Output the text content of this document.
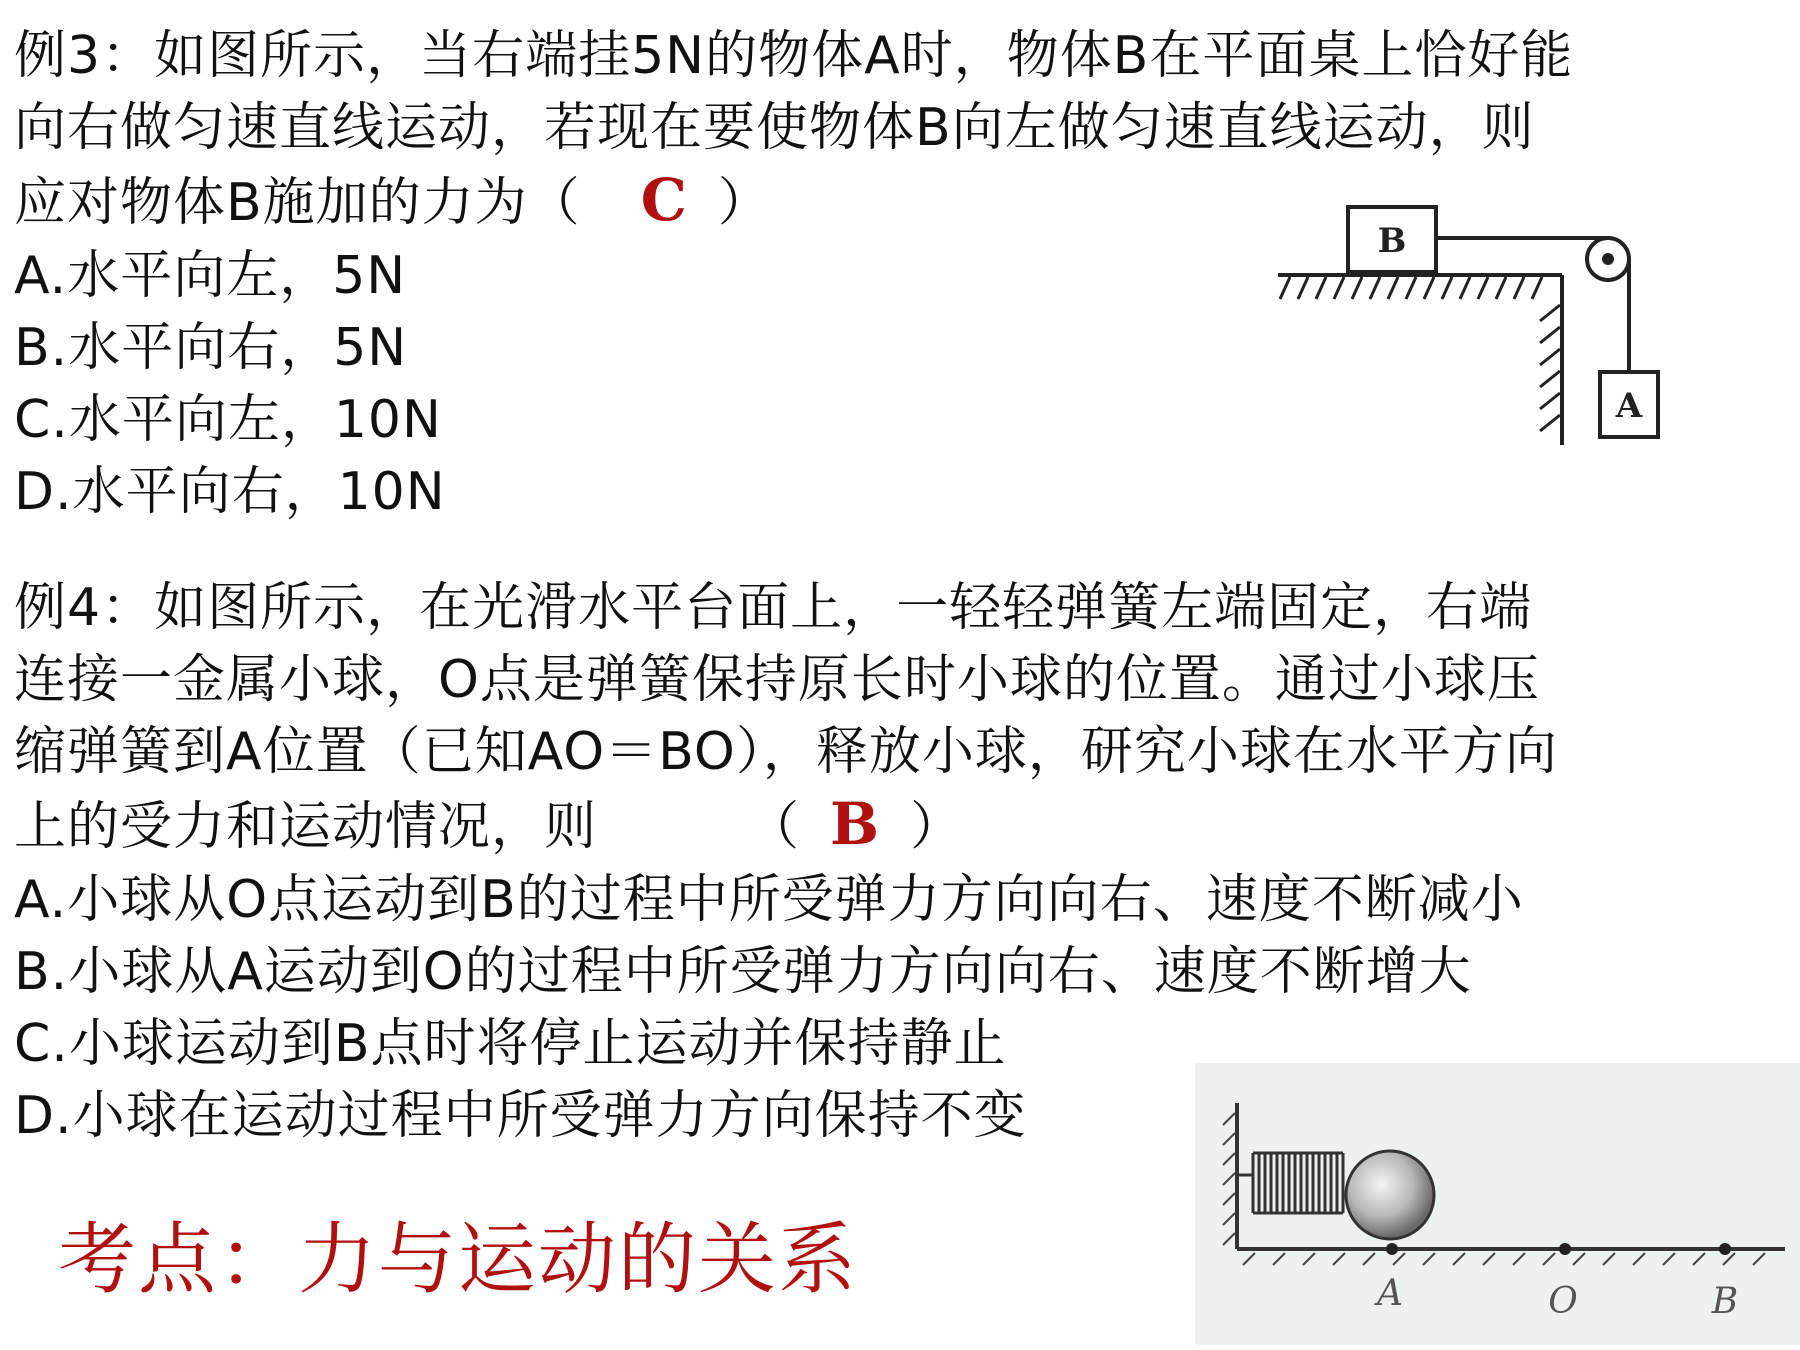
例3：如图所示，当右端挂5N的物体A时，物体B在平面桌上恰好能
向右做匀速直线运动，若现在要使物体B向左做匀速直线运动，则
应对物体B施加的力为（ C ）
A.水平向左，5N
B.水平向右，5N
C.水平向左，10N
D.水平向右，10N
B
A
例4：如图所示，在光滑水平台面上，一轻轻弹簧左端固定，右端
连接一金属小球，O点是弹簧保持原长时小球的位置。通过小球压
缩弹簧到A位置（已知AO＝BO），释放小球，研究小球在水平方向
上的受力和运动情况，则	（ B ）
A.小球从O点运动到B的过程中所受弹力方向向右、速度不断减小
B.小球从A运动到O的过程中所受弹力方向向右、速度不断增大
C.小球运动到B点时将停止运动并保持静止
D.小球在运动过程中所受弹力方向保持不变
A	O	B
考点：力与运动的关系
